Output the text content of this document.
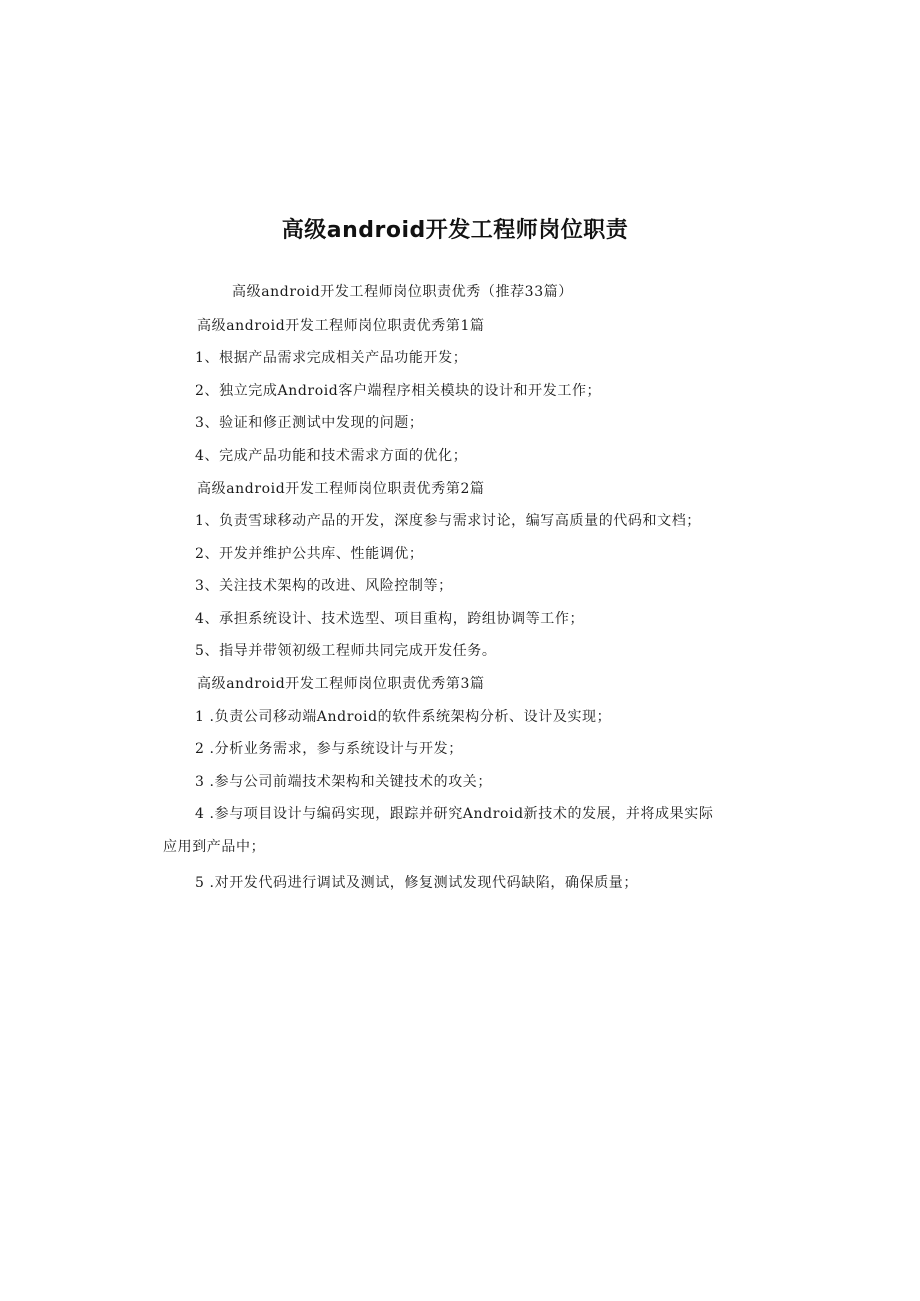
高级android开发工程师岗位职责
高级android开发工程师岗位职责优秀（推荐33篇）
高级android开发工程师岗位职责优秀第1篇
1、根据产品需求完成相关产品功能开发；
2、独立完成Android客户端程序相关模块的设计和开发工作；
3、验证和修正测试中发现的问题；
4、完成产品功能和技术需求方面的优化；
高级android开发工程师岗位职责优秀第2篇
1、负责雪球移动产品的开发，深度参与需求讨论，编写高质量的代码和文档；
2、开发并维护公共库、性能调优；
3、关注技术架构的改进、风险控制等；
4、承担系统设计、技术选型、项目重构，跨组协调等工作；
5、指导并带领初级工程师共同完成开发任务。
高级android开发工程师岗位职责优秀第3篇
1 .负责公司移动端Android的软件系统架构分析、设计及实现；
2 .分析业务需求，参与系统设计与开发；
3 .参与公司前端技术架构和关键技术的攻关；
4 .参与项目设计与编码实现，跟踪并研究Android新技术的发展，并将成果实际
应用到产品中；
5 .对开发代码进行调试及测试，修复测试发现代码缺陷，确保质量；
